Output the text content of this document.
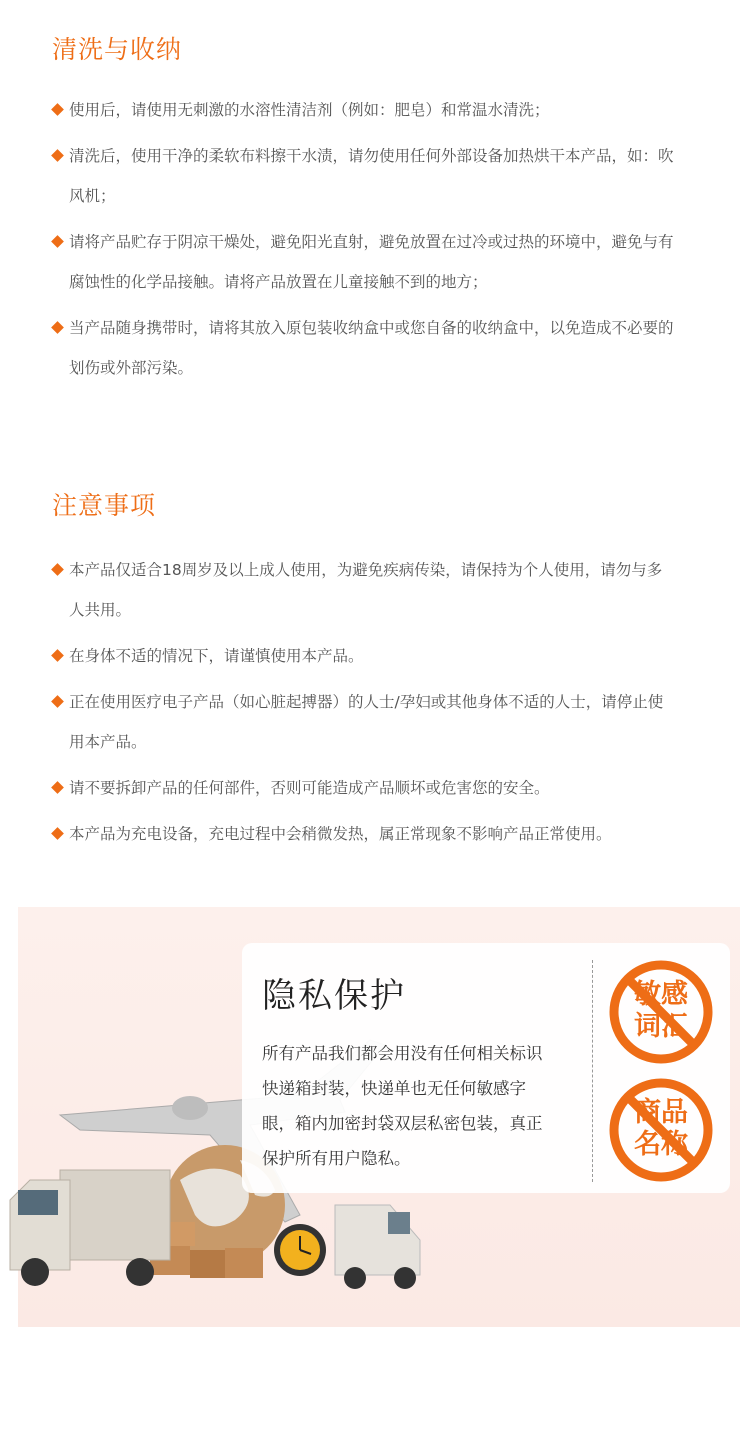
清洗与收纳
使用后，请使用无刺激的水溶性清洁剂（例如：肥皂）和常温水清洗；
清洗后，使用干净的柔软布料擦干水渍，请勿使用任何外部设备加热烘干本产品，如：吹风机；
请将产品贮存于阴凉干燥处，避免阳光直射，避免放置在过冷或过热的环境中，避免与有腐蚀性的化学品接触。请将产品放置在儿童接触不到的地方；
当产品随身携带时，请将其放入原包装收纳盒中或您自备的收纳盒中，以免造成不必要的划伤或外部污染。
注意事项
本产品仅适合18周岁及以上成人使用，为避免疾病传染，请保持为个人使用，请勿与多人共用。
在身体不适的情况下，请谨慎使用本产品。
正在使用医疗电子产品（如心脏起搏器）的人士/孕妇或其他身体不适的人士，请停止使用本产品。
请不要拆卸产品的任何部件，否则可能造成产品顺坏或危害您的安全。
本产品为充电设备，充电过程中会稍微发热，属正常现象不影响产品正常使用。
隐私保护
所有产品我们都会用没有任何相关标识
快递箱封装，快递单也无任何敏感字
眼，箱内加密封袋双层私密包装，真正
保护所有用户隐私。
敏感
词汇
商品
名称
